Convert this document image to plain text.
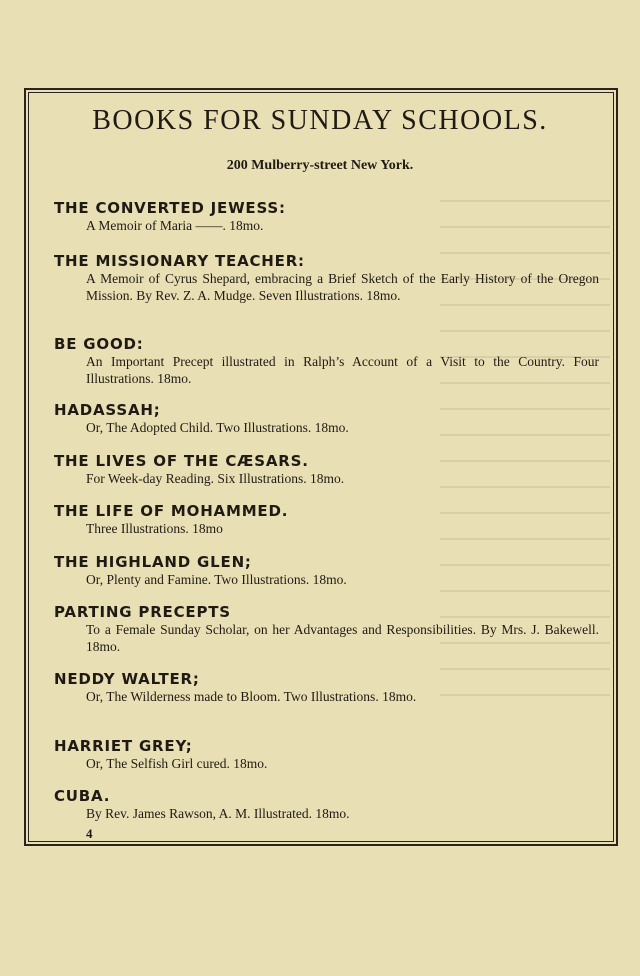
BOOKS FOR SUNDAY SCHOOLS.
200 Mulberry-street New York.
THE CONVERTED JEWESS:
A Memoir of Maria ——. 18mo.
THE MISSIONARY TEACHER:
A Memoir of Cyrus Shepard, embracing a Brief Sketch of the Early History of the Oregon Mission. By Rev. Z. A. Mudge. Seven Illustrations. 18mo.
BE GOOD:
An Important Precept illustrated in Ralph’s Account of a Visit to the Country. Four Illustrations. 18mo.
HADASSAH;
Or, The Adopted Child. Two Illustrations. 18mo.
THE LIVES OF THE CÆSARS.
For Week-day Reading. Six Illustrations. 18mo.
THE LIFE OF MOHAMMED.
Three Illustrations. 18mo
THE HIGHLAND GLEN;
Or, Plenty and Famine. Two Illustrations. 18mo.
PARTING PRECEPTS
To a Female Sunday Scholar, on her Advantages and Responsibilities. By Mrs. J. Bakewell. 18mo.
NEDDY WALTER;
Or, The Wilderness made to Bloom. Two Illustrations. 18mo.
HARRIET GREY;
Or, The Selfish Girl cured. 18mo.
CUBA.
By Rev. James Rawson, A. M. Illustrated. 18mo.
4
